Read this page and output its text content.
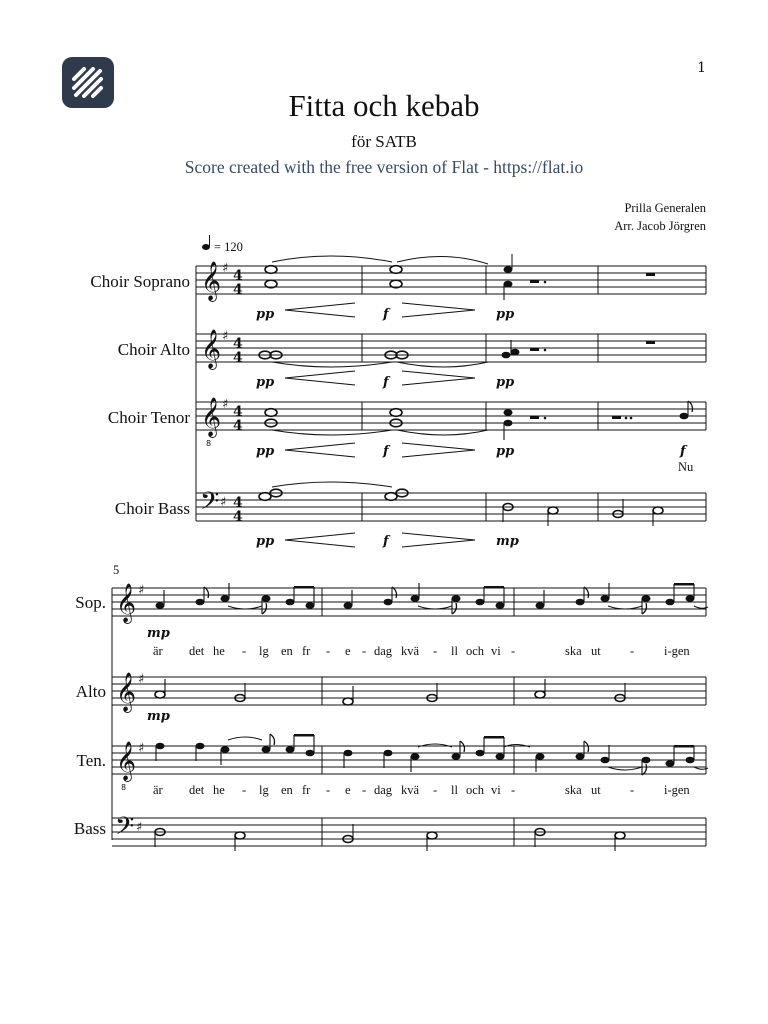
1
Fitta och kebab
för SATB
Score created with the free version of Flat - https://flat.io
Prilla Generalen
Arr. Jacob Jörgren
= 120
Choir Soprano
Choir Alto
Choir Tenor
Choir Bass
𝄞
𝄞
𝄞
8
𝄢
♯
♯
♯
♯
4
4
4
4
4
4
4
4
pp	f	pp
pp	f	pp
pp	f	pp	f
Nu
pp	f	mp
5
Sop.
Alto
Ten.
Bass
𝄞
𝄞
𝄞
8
𝄢
♯
♯
♯
♯
mp
mp
är det he - lg en fr - e - dag kvä - ll och vi -	ska ut - i-gen
är det he - lg en fr - e - dag kvä - ll och vi -	ska ut - i-gen
